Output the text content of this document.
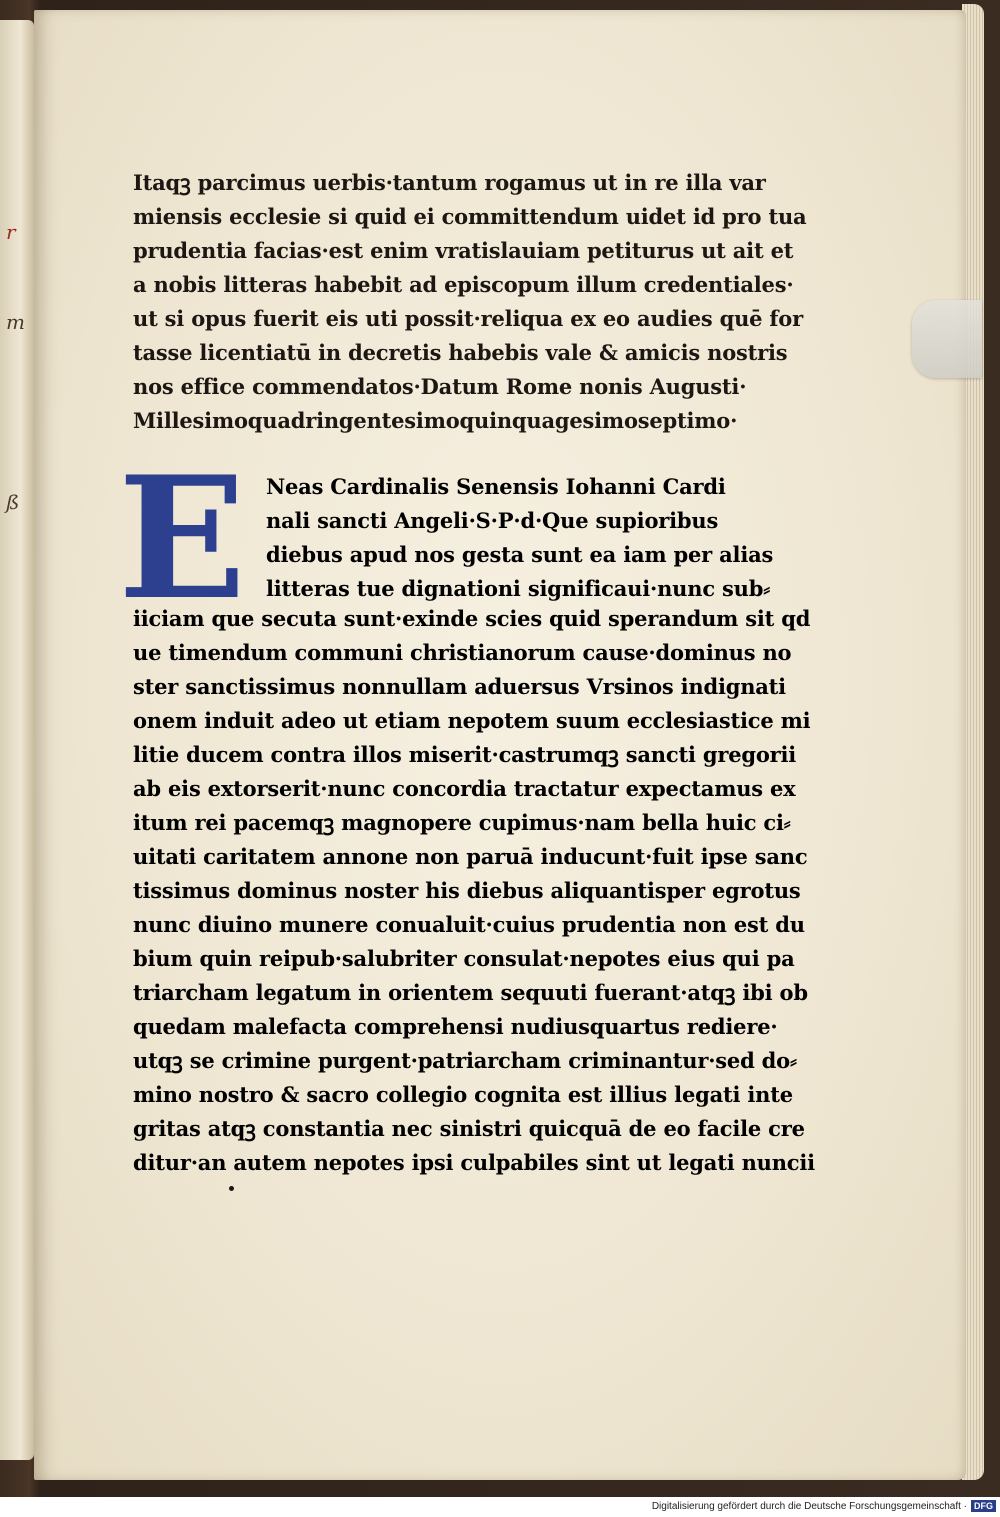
r
m
ß
Itaqꝫ parcimus uerbis·tantum rogamus ut in re illa var
miensis ecclesie si quid ei committendum uidet id pro tua
prudentia facias·est enim vratislauiam petiturus ut ait et
a nobis litteras habebit ad episcopum illum credentiales·
ut si opus fuerit eis uti possit·reliqua ex eo audies quē for
tasse licentiatū in decretis habebis vale & amicis nostris
nos effice commendatos·Datum Rome nonis Augusti·
Millesimoquadringentesimoquinquagesimoseptimo·
E Neas Cardinalis Senensis Iohanni Cardi
nali sancti Angeli·S·P·d·Que supioribus
diebus apud nos gesta sunt ea iam per alias
litteras tue dignationi significaui·nunc sub⸗
iiciam que secuta sunt·exinde scies quid sperandum sit qd
ue timendum communi christianorum cause·dominus no
ster sanctissimus nonnullam aduersus Vrsinos indignati
onem induit adeo ut etiam nepotem suum ecclesiastice mi
litie ducem contra illos miserit·castrumqꝫ sancti gregorii
ab eis extorserit·nunc concordia tractatur expectamus ex
itum rei pacemqꝫ magnopere cupimus·nam bella huic ci⸗
uitati caritatem annone non paruā inducunt·fuit ipse sanc
tissimus dominus noster his diebus aliquantisper egrotus
nunc diuino munere conualuit·cuius prudentia non est du
bium quin reipub·salubriter consulat·nepotes eius qui pa
triarcham legatum in orientem sequuti fuerant·atqꝫ ibi ob
quedam malefacta comprehensi nudiusquartus rediere·
utqꝫ se crimine purgent·patriarcham criminantur·sed do⸗
mino nostro & sacro collegio cognita est illius legati inte
gritas atqꝫ constantia nec sinistri quicquā de eo facile cre
ditur·an autem nepotes ipsi culpabiles sint ut legati nuncii
Digitalisierung gefördert durch die Deutsche Forschungsgemeinschaft · DFG
